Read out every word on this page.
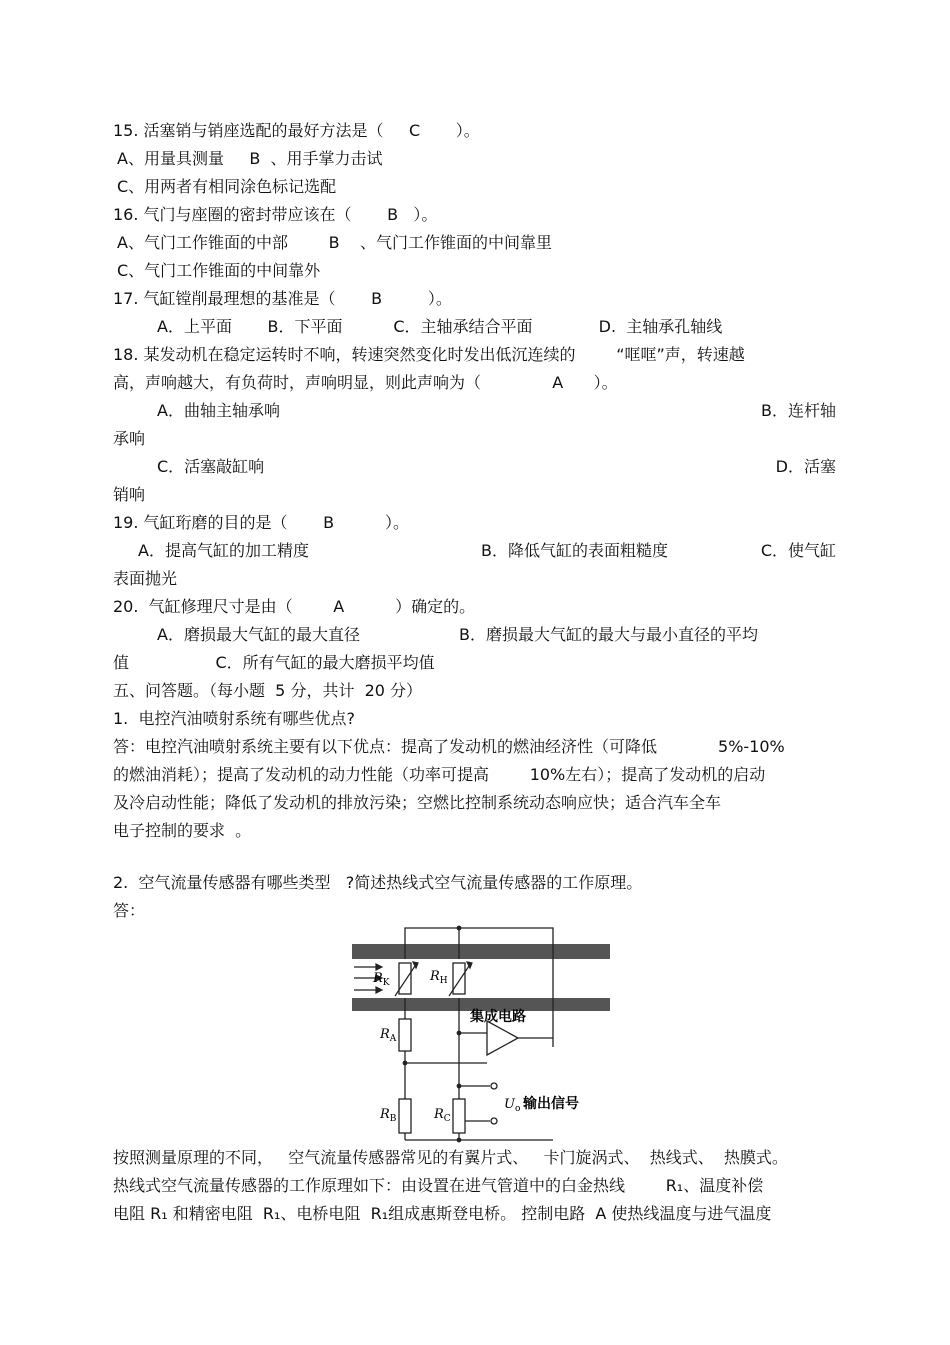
15. 活塞销与销座选配的最好方法是（     C       ）。
A、用量具测量     B  、用手掌力击试
C、用两者有相同涂色标记选配
16. 气门与座圈的密封带应该在（       B   ）。
A、气门工作锥面的中部        B    、气门工作锥面的中间靠里
C、气门工作锥面的中间靠外
17. 气缸镗削最理想的基准是（       B         ）。
A．上平面       B．下平面          C．主轴承结合平面             D.  主轴承孔轴线
18. 某发动机在稳定运转时不响，转速突然变化时发出低沉连续的        “哐哐”声，转速越
高，声响越大，有负荷时，声响明显，则此声响为（              A      ）。
A．曲轴主轴承响	B．连杆轴
承响
C．活塞敲缸响	D．活塞
销响
19. 气缸珩磨的目的是（       B          ）。
A．提高气缸的加工精度	B．降低气缸的表面粗糙度	C．使气缸
表面抛光
20.  气缸修理尺寸是由（        A          ）确定的。
A．磨损最大气缸的最大直径	B．磨损最大气缸的最大与最小直径的平均
值                 C．所有气缸的最大磨损平均值
五、问答题。（每小题  5 分，共计  20 分）
1.  电控汽油喷射系统有哪些优点?
答：电控汽油喷射系统主要有以下优点：提高了发动机的燃油经济性（可降低            5%-10%
的燃油消耗）；提高了发动机的动力性能（功率可提高        10%左右）；提高了发动机的启动
及冷启动性能；降低了发动机的排放污染；空燃比控制系统动态响应快；适合汽车全车
电子控制的要求  。
2.  空气流量传感器有哪些类型   ?简述热线式空气流量传感器的工作原理。
答：
$R_K$	$R_H$
$R_A$
$R_B$	$R_C$
集成电路
$U_o$ 输出信号
按照测量原理的不同，   空气流量传感器常见的有翼片式、   卡门旋涡式、  热线式、  热膜式。
热线式空气流量传感器的工作原理如下：由设置在进气管道中的白金热线        R₁、温度补偿
电阻 R₁ 和精密电阻  R₁、电桥电阻  R₁组成惠斯登电桥。 控制电路  A 使热线温度与进气温度
